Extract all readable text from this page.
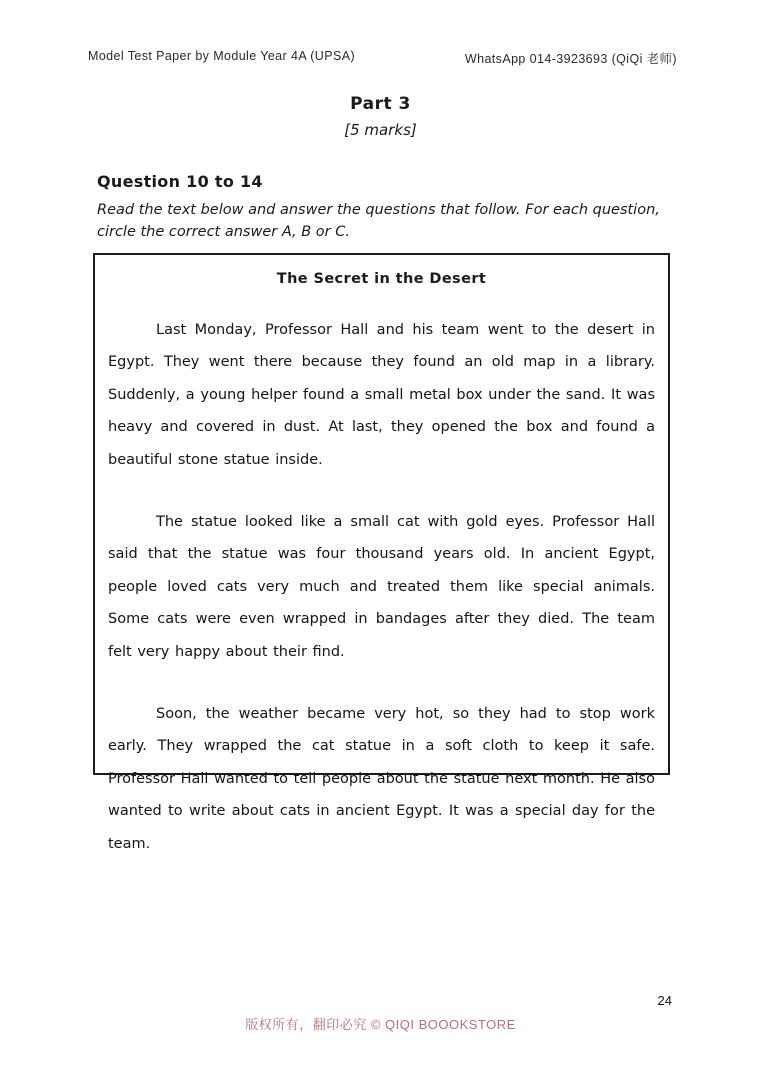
Model Test Paper by Module Year 4A (UPSA)	WhatsApp 014-3923693 (QiQi 老师)
Part 3
[5 marks]
Question 10 to 14
Read the text below and answer the questions that follow. For each question, circle the correct answer A, B or C.
The Secret in the Desert

Last Monday, Professor Hall and his team went to the desert in Egypt. They went there because they found an old map in a library. Suddenly, a young helper found a small metal box under the sand. It was heavy and covered in dust. At last, they opened the box and found a beautiful stone statue inside.

The statue looked like a small cat with gold eyes. Professor Hall said that the statue was four thousand years old. In ancient Egypt, people loved cats very much and treated them like special animals. Some cats were even wrapped in bandages after they died. The team felt very happy about their find.

Soon, the weather became very hot, so they had to stop work early. They wrapped the cat statue in a soft cloth to keep it safe. Professor Hall wanted to tell people about the statue next month. He also wanted to write about cats in ancient Egypt. It was a special day for the team.

24
版权所有，翻印必究 © QIQI BOOOKSTORE
